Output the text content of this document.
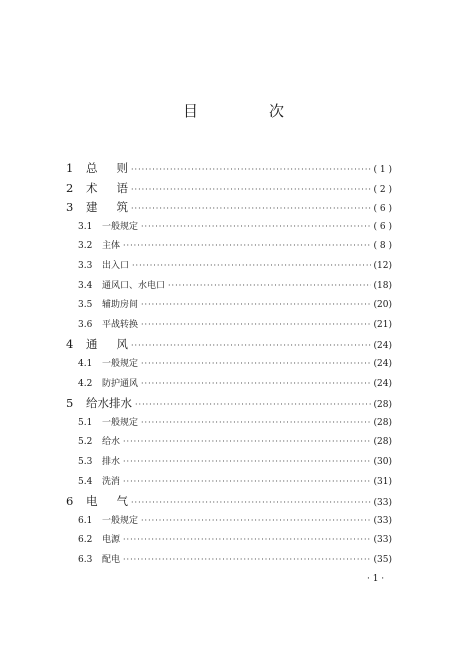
目　次
1	总 则 ·····	( 1 )
2	术 语 ·····	( 2 )
3	建 筑 ·····	( 6 )
3.1	一般规定 ·····	( 6 )
3.2	主体 ·····	( 8 )
3.3	出入口 ·····	(12)
3.4	通风口、水电口 ·····	(18)
3.5	辅助房间 ·····	(20)
3.6	平战转换 ·····	(21)
4	通 风 ·····	(24)
4.1	一般规定 ·····	(24)
4.2	防护通风 ·····	(24)
5	给水排水 ·····	(28)
5.1	一般规定 ·····	(28)
5.2	给水 ·····	(28)
5.3	排水 ·····	(30)
5.4	洗消 ·····	(31)
6	电 气 ·····	(33)
6.1	一般规定 ·····	(33)
6.2	电源 ·····	(33)
6.3	配电 ·····	(35)
· 1 ·
